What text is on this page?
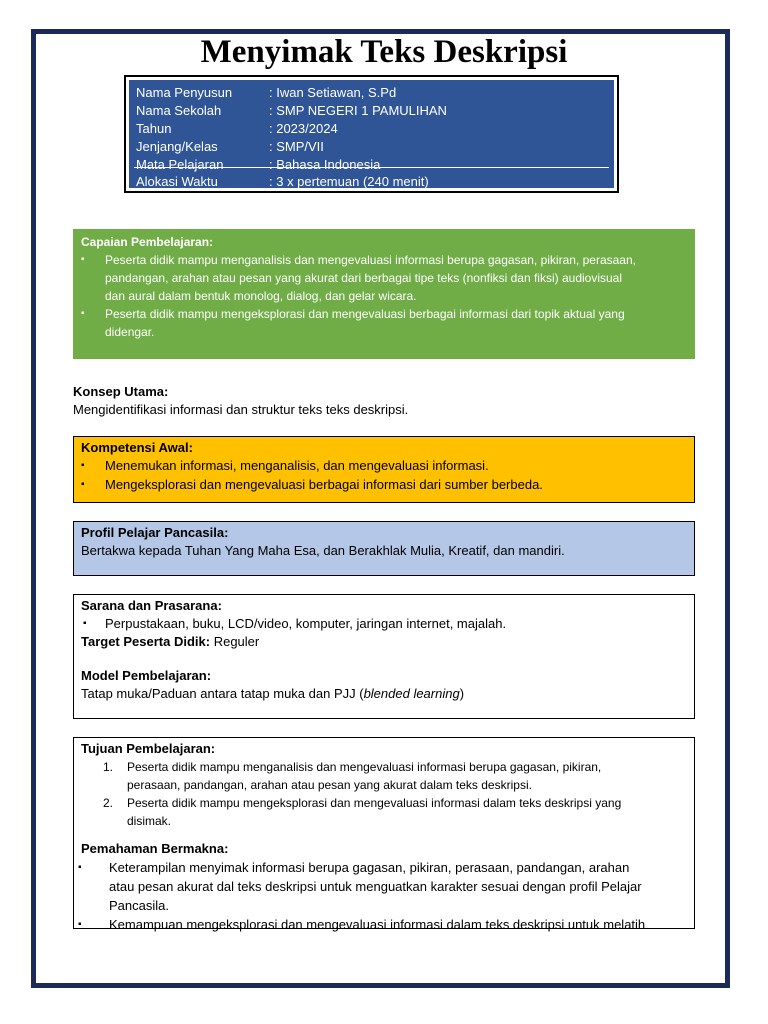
Menyimak Teks Deskripsi
Nama Penyusun	: Iwan Setiawan, S.Pd
Nama Sekolah	: SMP NEGERI 1 PAMULIHAN
Tahun	: 2023/2024
Jenjang/Kelas	: SMP/VII
Mata Pelajaran	: Bahasa Indonesia
Alokasi Waktu	: 3 x pertemuan (240 menit)
Capaian Pembelajaran:
▪ Peserta didik mampu menganalisis dan mengevaluasi informasi berupa gagasan, pikiran, perasaan,
pandangan, arahan atau pesan yang akurat dari berbagai tipe teks (nonfiksi dan fiksi) audiovisual
dan aural dalam bentuk monolog, dialog, dan gelar wicara.
▪ Peserta didik mampu mengeksplorasi dan mengevaluasi berbagai informasi dari topik aktual yang
didengar.
Konsep Utama:
Mengidentifikasi informasi dan struktur teks teks deskripsi.
Kompetensi Awal:
▪ Menemukan informasi, menganalisis, dan mengevaluasi informasi.
▪ Mengeksplorasi dan mengevaluasi berbagai informasi dari sumber berbeda.
Profil Pelajar Pancasila:
Bertakwa kepada Tuhan Yang Maha Esa, dan Berakhlak Mulia, Kreatif, dan mandiri.
Sarana dan Prasarana:
▪ Perpustakaan, buku, LCD/video, komputer, jaringan internet, majalah.
Target Peserta Didik: Reguler
Model Pembelajaran:
Tatap muka/Paduan antara tatap muka dan PJJ (blended learning)
Tujuan Pembelajaran:
1. Peserta didik mampu menganalisis dan mengevaluasi informasi berupa gagasan, pikiran,
perasaan, pandangan, arahan atau pesan yang akurat dalam teks deskripsi.
2. Peserta didik mampu mengeksplorasi dan mengevaluasi informasi dalam teks deskripsi yang
disimak.
Pemahaman Bermakna:
▪ Keterampilan menyimak informasi berupa gagasan, pikiran, perasaan, pandangan, arahan
atau pesan akurat dal teks deskripsi untuk menguatkan karakter sesuai dengan profil Pelajar
Pancasila.
▪ Kemampuan mengeksplorasi dan mengevaluasi informasi dalam teks deskripsi untuk melatih
